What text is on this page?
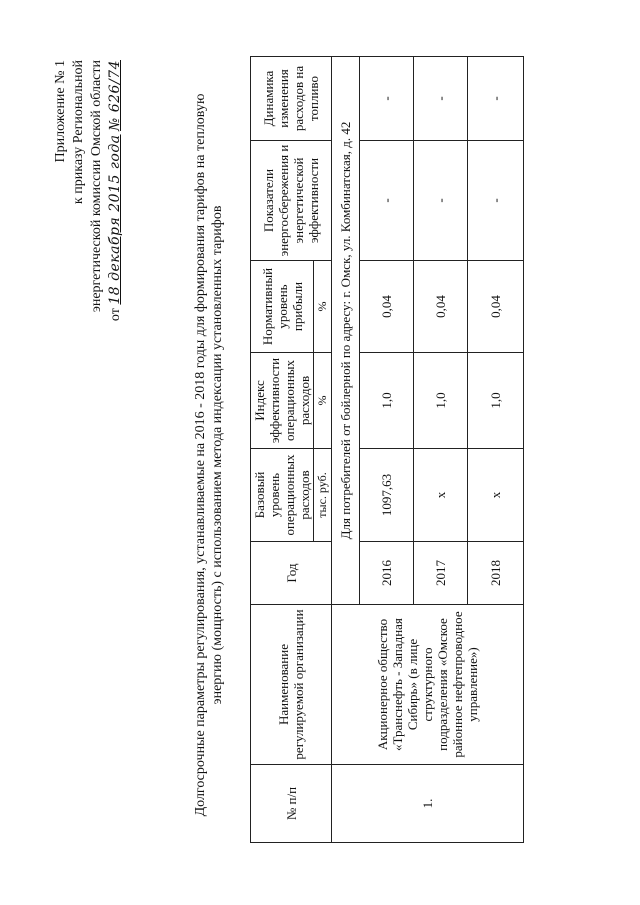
Приложение № 1 к приказу Региональной энергетической комиссии Омской области
от 18 декабря 2015 года № 626/74	Долгосрочные параметры регулирования, устанавливаемые на 2016 - 2018 годы для формирования тарифов на тепловую энергию (мощность) с использованием метода индексации установленных тарифов
№ п/п	Наименование регулируемой организации	Год	Базовый уровень операционных расходов	Индекс эффективности операционных расходов	Нормативный уровень прибыли	Показатели энергосбережения и энергетической эффективности	Динамика изменения расходов на топливо
			тыс. руб.	%	%		
1.	Акционерное общество «Транснефть - Западная Сибирь» (в лице структурного подразделения «Омское районное нефтепроводное управление»)	Для потребителей от бойлерной по адресу: г. Омск, ул. Комбинатская, д. 42					
		2016	1097,63	1,0	0,04	-	-
		2017	x	1,0	0,04	-	-
		2018	x	1,0	0,04	-	-
